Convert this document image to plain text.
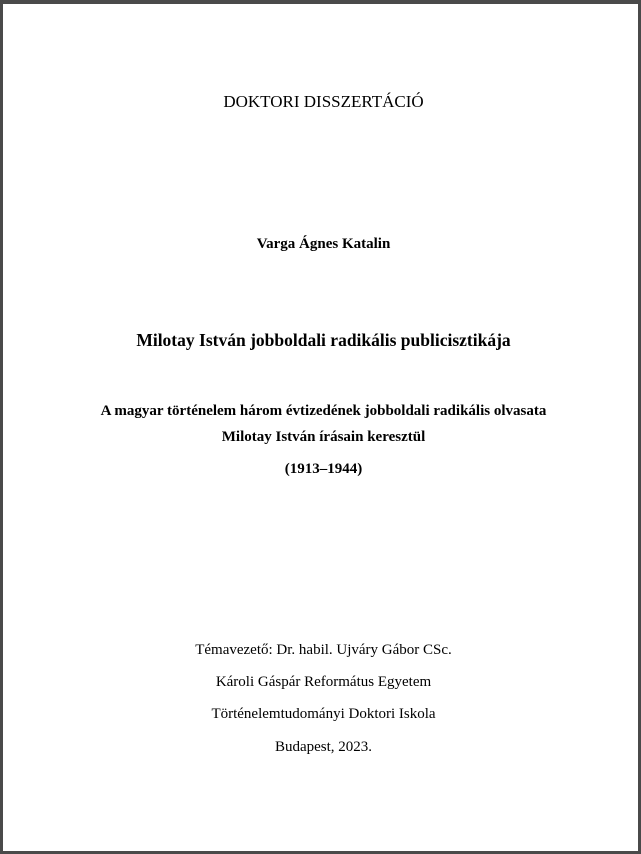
DOKTORI DISSZERTÁCIÓ
Varga Ágnes Katalin
Milotay István jobboldali radikális publicisztikája
A magyar történelem három évtizedének jobboldali radikális olvasata
Milotay István írásain keresztül
(1913–1944)
Témavezető: Dr. habil. Ujváry Gábor CSc.
Károli Gáspár Református Egyetem
Történelemtudományi Doktori Iskola
Budapest, 2023.
